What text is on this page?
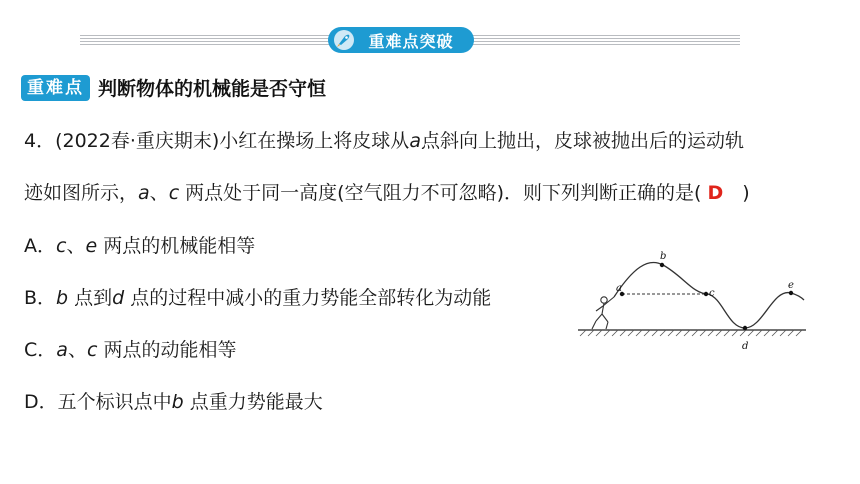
重难点突破
重难点 判断物体的机械能是否守恒
4．(2022春·重庆期末)小红在操场上将皮球从a点斜向上抛出，皮球被抛出后的运动轨
迹如图所示，a、c 两点处于同一高度(空气阻力不可忽略)．则下列判断正确的是( D　 )
A．c、e 两点的机械能相等
B．b 点到d 点的过程中减小的重力势能全部转化为动能
C．a、c 两点的动能相等
D．五个标识点中b 点重力势能最大
a
b
c
d
e
